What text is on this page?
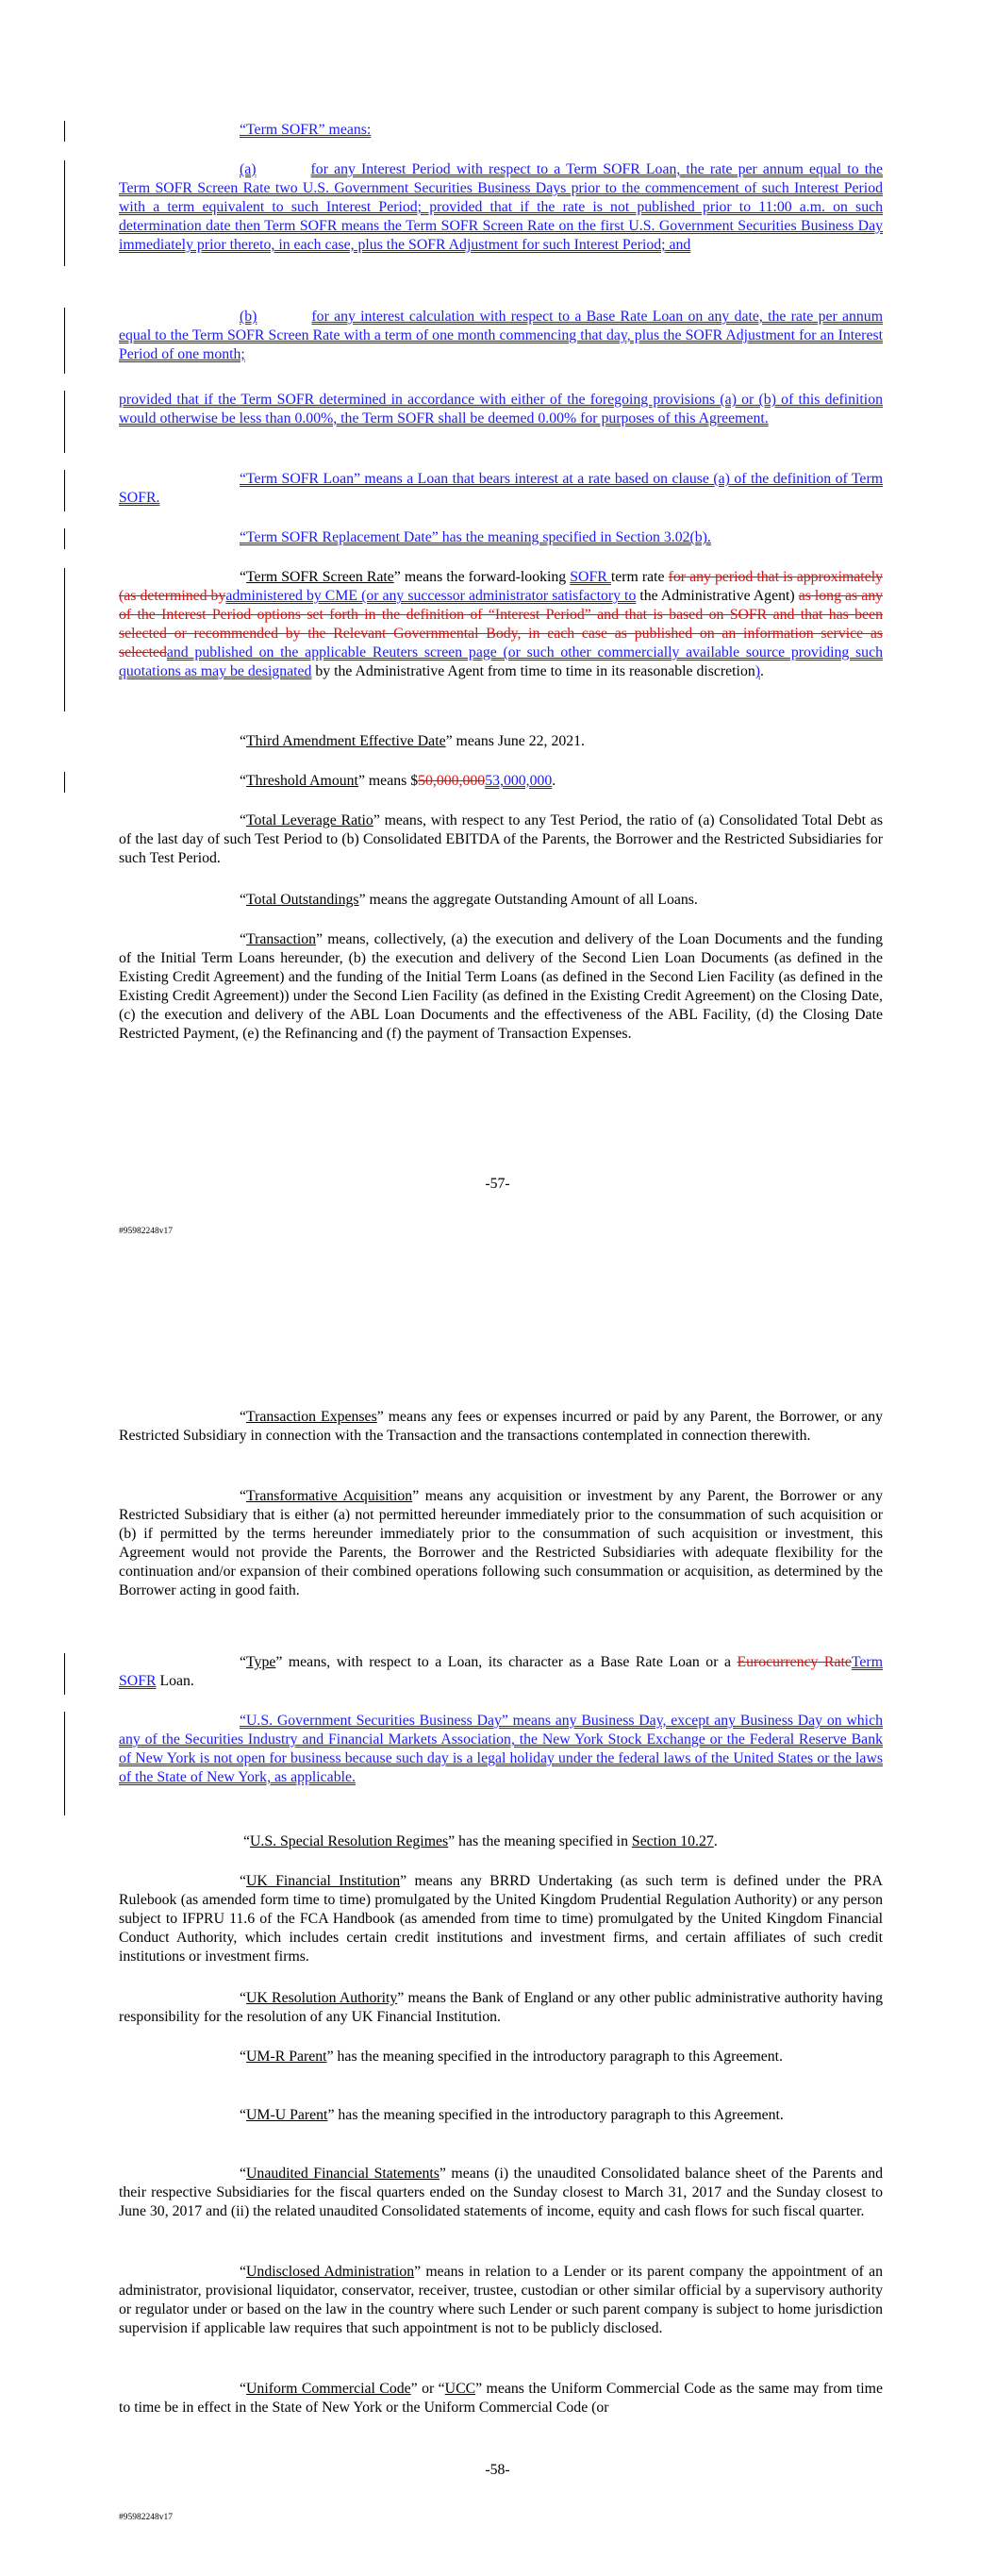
“Term SOFR” means:

(a)	for any Interest Period with respect to a Term SOFR Loan, the rate per annum equal to the Term SOFR Screen Rate two U.S. Government Securities Business Days prior to the commencement of such Interest Period with a term equivalent to such Interest Period; provided that if the rate is not published prior to 11:00 a.m. on such determination date then Term SOFR means the Term SOFR Screen Rate on the first U.S. Government Securities Business Day immediately prior thereto, in each case, plus the SOFR Adjustment for such Interest Period; and

(b)	for any interest calculation with respect to a Base Rate Loan on any date, the rate per annum equal to the Term SOFR Screen Rate with a term of one month commencing that day, plus the SOFR Adjustment for an Interest Period of one month;

provided that if the Term SOFR determined in accordance with either of the foregoing provisions (a) or (b) of this definition would otherwise be less than 0.00%, the Term SOFR shall be deemed 0.00% for purposes of this Agreement.

“Term SOFR Loan” means a Loan that bears interest at a rate based on clause (a) of the definition of Term SOFR.

“Term SOFR Replacement Date” has the meaning specified in Section 3.02(b).

“Term SOFR Screen Rate” means the forward-looking SOFR term rate for any period that is approximately (as determined byadministered by CME (or any successor administrator satisfactory to the Administrative Agent) as long as any of the Interest Period options set forth in the definition of “Interest Period” and that is based on SOFR and that has been selected or recommended by the Relevant Governmental Body, in each case as published on an information service as selectedand published on the applicable Reuters screen page (or such other commercially available source providing such quotations as may be designated by the Administrative Agent from time to time in its reasonable discretion).

“Third Amendment Effective Date” means June 22, 2021.

“Threshold Amount” means $50,000,00053,000,000.

“Total Leverage Ratio” means, with respect to any Test Period, the ratio of (a) Consolidated Total Debt as of the last day of such Test Period to (b) Consolidated EBITDA of the Parents, the Borrower and the Restricted Subsidiaries for such Test Period.

“Total Outstandings” means the aggregate Outstanding Amount of all Loans.

“Transaction” means, collectively, (a) the execution and delivery of the Loan Documents and the funding of the Initial Term Loans hereunder, (b) the execution and delivery of the Second Lien Loan Documents (as defined in the Existing Credit Agreement) and the funding of the Initial Term Loans (as defined in the Second Lien Facility (as defined in the Existing Credit Agreement)) under the Second Lien Facility (as defined in the Existing Credit Agreement) on the Closing Date, (c) the execution and delivery of the ABL Loan Documents and the effectiveness of the ABL Facility, (d) the Closing Date Restricted Payment, (e) the Refinancing and (f) the payment of Transaction Expenses.

-57-
#95982248v17

“Transaction Expenses” means any fees or expenses incurred or paid by any Parent, the Borrower, or any Restricted Subsidiary in connection with the Transaction and the transactions contemplated in connection therewith.

“Transformative Acquisition” means any acquisition or investment by any Parent, the Borrower or any Restricted Subsidiary that is either (a) not permitted hereunder immediately prior to the consummation of such acquisition or (b) if permitted by the terms hereunder immediately prior to the consummation of such acquisition or investment, this Agreement would not provide the Parents, the Borrower and the Restricted Subsidiaries with adequate flexibility for the continuation and/or expansion of their combined operations following such consummation or acquisition, as determined by the Borrower acting in good faith.

“Type” means, with respect to a Loan, its character as a Base Rate Loan or a Eurocurrency RateTerm SOFR Loan.

“U.S. Government Securities Business Day” means any Business Day, except any Business Day on which any of the Securities Industry and Financial Markets Association, the New York Stock Exchange or the Federal Reserve Bank of New York is not open for business because such day is a legal holiday under the federal laws of the United States or the laws of the State of New York, as applicable.

“U.S. Special Resolution Regimes” has the meaning specified in Section 10.27.

“UK Financial Institution” means any BRRD Undertaking (as such term is defined under the PRA Rulebook (as amended form time to time) promulgated by the United Kingdom Prudential Regulation Authority) or any person subject to IFPRU 11.6 of the FCA Handbook (as amended from time to time) promulgated by the United Kingdom Financial Conduct Authority, which includes certain credit institutions and investment firms, and certain affiliates of such credit institutions or investment firms.

“UK Resolution Authority” means the Bank of England or any other public administrative authority having responsibility for the resolution of any UK Financial Institution.

“UM-R Parent” has the meaning specified in the introductory paragraph to this Agreement.

“UM-U Parent” has the meaning specified in the introductory paragraph to this Agreement.

“Unaudited Financial Statements” means (i) the unaudited Consolidated balance sheet of the Parents and their respective Subsidiaries for the fiscal quarters ended on the Sunday closest to March 31, 2017 and the Sunday closest to June 30, 2017 and (ii) the related unaudited Consolidated statements of income, equity and cash flows for such fiscal quarter.

“Undisclosed Administration” means in relation to a Lender or its parent company the appointment of an administrator, provisional liquidator, conservator, receiver, trustee, custodian or other similar official by a supervisory authority or regulator under or based on the law in the country where such Lender or such parent company is subject to home jurisdiction supervision if applicable law requires that such appointment is not to be publicly disclosed.

“Uniform Commercial Code” or “UCC” means the Uniform Commercial Code as the same may from time to time be in effect in the State of New York or the Uniform Commercial Code (or

-58-
#95982248v17
